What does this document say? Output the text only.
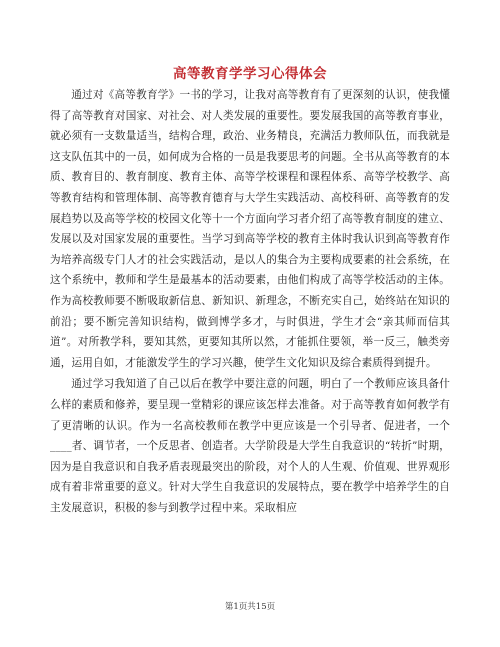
高等教育学学习心得体会

通过对《高等教育学》一书的学习，让我对高等教育有了更深刻的认识，使我懂得了高等教育对国家、对社会、对人类发展的重要性。要发展我国的高等教育事业，就必须有一支数量适当，结构合理，政治、业务精良，充满活力教师队伍，而我就是这支队伍其中的一员，如何成为合格的一员是我要思考的问题。全书从高等教育的本质、教育目的、教育制度、教育主体、高等学校课程和课程体系、高等学校教学、高等教育结构和管理体制、高等教育德育与大学生实践活动、高校科研、高等教育的发展趋势以及高等学校的校园文化等十一个方面向学习者介绍了高等教育制度的建立、发展以及对国家发展的重要性。当学习到高等学校的教育主体时我认识到高等教育作为培养高级专门人才的社会实践活动，是以人的集合为主要构成要素的社会系统，在这个系统中，教师和学生是最基本的活动要素，由他们构成了高等学校活动的主体。作为高校教师要不断吸取新信息、新知识、新理念，不断充实自己，始终站在知识的前沿；要不断完善知识结构，做到博学多才，与时俱进，学生才会“亲其师而信其道”。对所教学科，要知其然，更要知其所以然，才能抓住要领，举一反三，触类旁通，运用自如，才能激发学生的学习兴趣，使学生文化知识及综合素质得到提升。

通过学习我知道了自己以后在教学中要注意的问题，明白了一个教师应该具备什么样的素质和修养，要呈现一堂精彩的课应该怎样去准备。对于高等教育如何教学有了更清晰的认识。作为一名高校教师在教学中更应该是一个引导者、促进者，一个____者、调节者，一个反思者、创造者。大学阶段是大学生自我意识的“转折”时期，因为是自我意识和自我矛盾表现最突出的阶段，对个人的人生观、价值观、世界观形成有着非常重要的意义。针对大学生自我意识的发展特点，要在教学中培养学生的自主发展意识，积极的参与到教学过程中来。采取相应

第1页共15页
